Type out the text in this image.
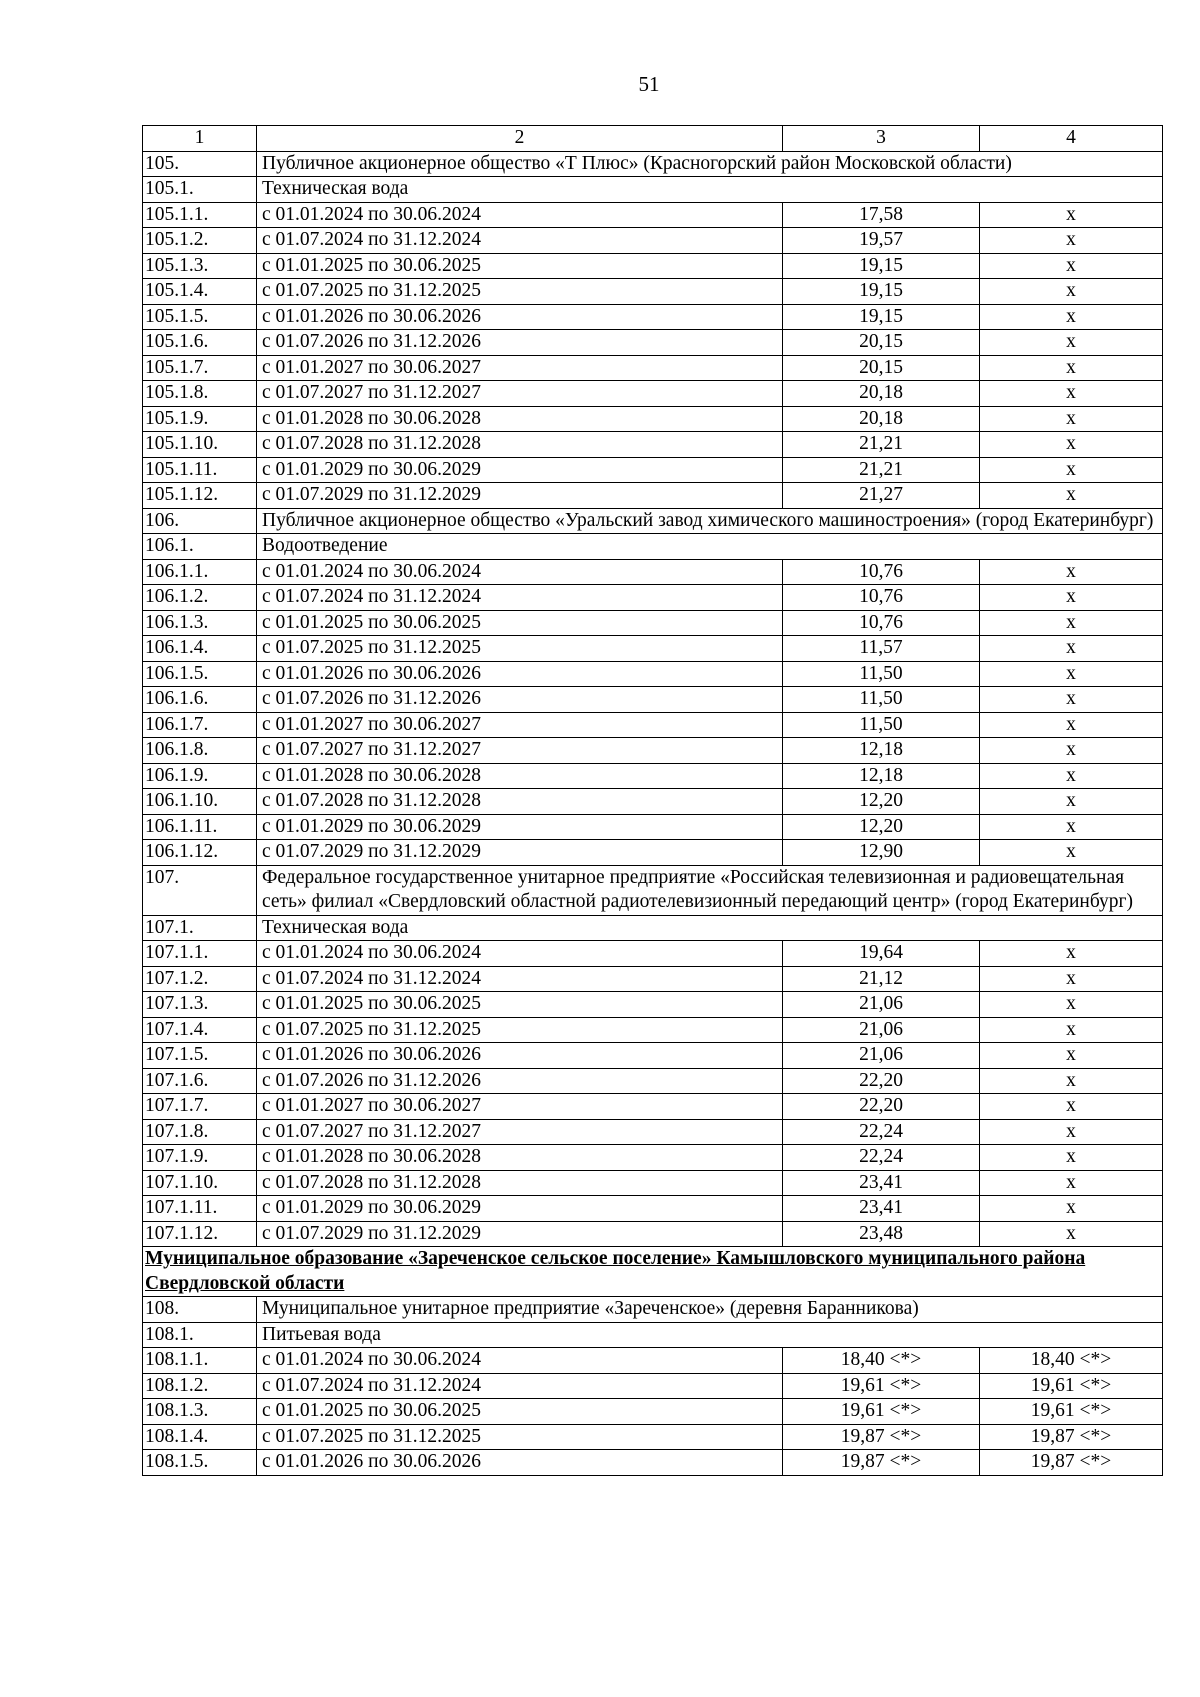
51
1	2	3	4
105.	Публичное акционерное общество «Т Плюс» (Красногорский район Московской области)		
105.1.	Техническая вода		
105.1.1.	с 01.01.2024 по 30.06.2024	17,58	x
105.1.2.	с 01.07.2024 по 31.12.2024	19,57	x
105.1.3.	с 01.01.2025 по 30.06.2025	19,15	x
105.1.4.	с 01.07.2025 по 31.12.2025	19,15	x
105.1.5.	с 01.01.2026 по 30.06.2026	19,15	x
105.1.6.	с 01.07.2026 по 31.12.2026	20,15	x
105.1.7.	с 01.01.2027 по 30.06.2027	20,15	x
105.1.8.	с 01.07.2027 по 31.12.2027	20,18	x
105.1.9.	с 01.01.2028 по 30.06.2028	20,18	x
105.1.10.	с 01.07.2028 по 31.12.2028	21,21	x
105.1.11.	с 01.01.2029 по 30.06.2029	21,21	x
105.1.12.	с 01.07.2029 по 31.12.2029	21,27	x
106.	Публичное акционерное общество «Уральский завод химического машиностроения» (город Екатеринбург)		
106.1.	Водоотведение		
106.1.1.	с 01.01.2024 по 30.06.2024	10,76	x
106.1.2.	с 01.07.2024 по 31.12.2024	10,76	x
106.1.3.	с 01.01.2025 по 30.06.2025	10,76	x
106.1.4.	с 01.07.2025 по 31.12.2025	11,57	x
106.1.5.	с 01.01.2026 по 30.06.2026	11,50	x
106.1.6.	с 01.07.2026 по 31.12.2026	11,50	x
106.1.7.	с 01.01.2027 по 30.06.2027	11,50	x
106.1.8.	с 01.07.2027 по 31.12.2027	12,18	x
106.1.9.	с 01.01.2028 по 30.06.2028	12,18	x
106.1.10.	с 01.07.2028 по 31.12.2028	12,20	x
106.1.11.	с 01.01.2029 по 30.06.2029	12,20	x
106.1.12.	с 01.07.2029 по 31.12.2029	12,90	x
107.	Федеральное государственное унитарное предприятие «Российская телевизионная и радиовещательная сеть» филиал «Свердловский областной радиотелевизионный передающий центр» (город Екатеринбург)		
107.1.	Техническая вода		
107.1.1.	с 01.01.2024 по 30.06.2024	19,64	x
107.1.2.	с 01.07.2024 по 31.12.2024	21,12	x
107.1.3.	с 01.01.2025 по 30.06.2025	21,06	x
107.1.4.	с 01.07.2025 по 31.12.2025	21,06	x
107.1.5.	с 01.01.2026 по 30.06.2026	21,06	x
107.1.6.	с 01.07.2026 по 31.12.2026	22,20	x
107.1.7.	с 01.01.2027 по 30.06.2027	22,20	x
107.1.8.	с 01.07.2027 по 31.12.2027	22,24	x
107.1.9.	с 01.01.2028 по 30.06.2028	22,24	x
107.1.10.	с 01.07.2028 по 31.12.2028	23,41	x
107.1.11.	с 01.01.2029 по 30.06.2029	23,41	x
107.1.12.	с 01.07.2029 по 31.12.2029	23,48	x
Муниципальное образование «Зареченское сельское поселение» Камышловского муниципального района Свердловской области			
108.	Муниципальное унитарное предприятие «Зареченское» (деревня Баранникова)		
108.1.	Питьевая вода		
108.1.1.	с 01.01.2024 по 30.06.2024	18,40 <*>	18,40 <*>
108.1.2.	с 01.07.2024 по 31.12.2024	19,61 <*>	19,61 <*>
108.1.3.	с 01.01.2025 по 30.06.2025	19,61 <*>	19,61 <*>
108.1.4.	с 01.07.2025 по 31.12.2025	19,87 <*>	19,87 <*>
108.1.5.	с 01.01.2026 по 30.06.2026	19,87 <*>	19,87 <*>
